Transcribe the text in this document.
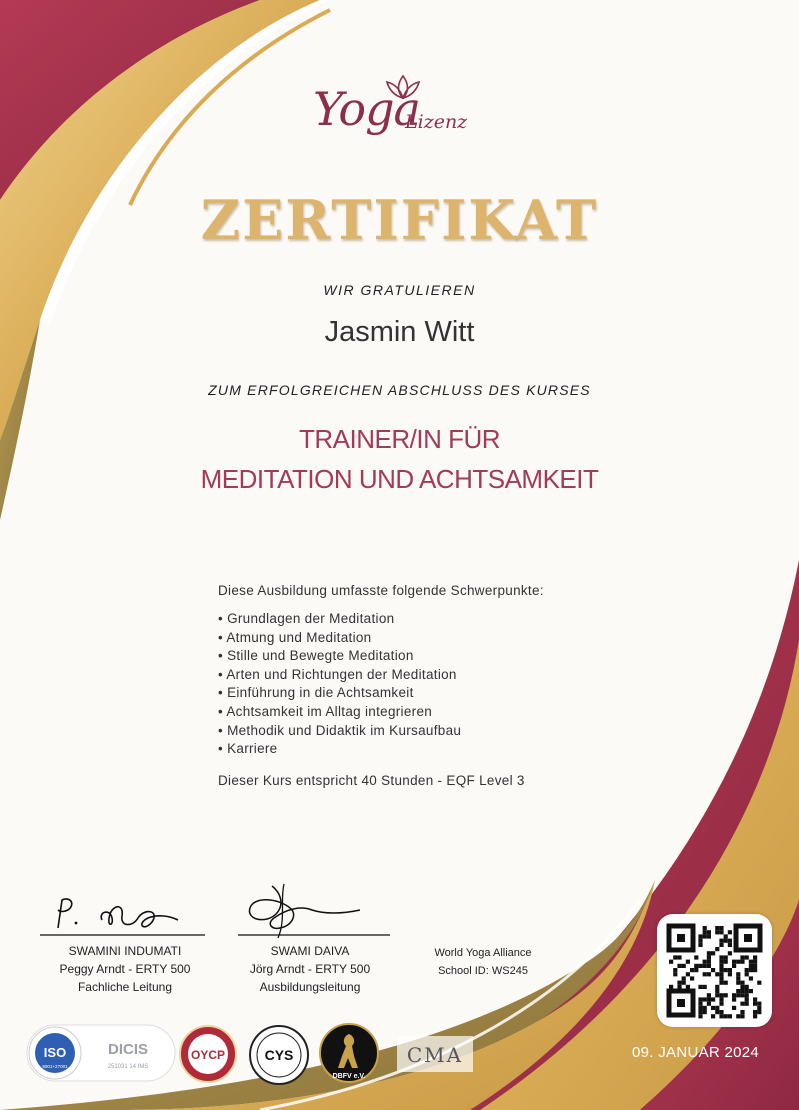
Yoga
Lizenz
ZERTIFIKAT
WIR GRATULIEREN
Jasmin Witt
ZUM ERFOLGREICHEN ABSCHLUSS DES KURSES
TRAINER/IN FÜR
MEDITATION UND ACHTSAMKEIT
Diese Ausbildung umfasste folgende Schwerpunkte:
• Grundlagen der Meditation
• Atmung und Meditation
• Stille und Bewegte Meditation
• Arten und Richtungen der Meditation
• Einführung in die Achtsamkeit
• Achtsamkeit im Alltag integrieren
• Methodik und Didaktik im Kursaufbau
• Karriere
Dieser Kurs entspricht 40 Stunden - EQF Level 3
SWAMINI INDUMATI
Peggy Arndt - ERTY 500
Fachliche Leitung
SWAMI DAIVA
Jörg Arndt - ERTY 500
Ausbildungsleitung
World Yoga Alliance
School ID: WS245
09. JANUAR 2024
ISO
9001+27001
DICIS
251031 14 IMS
OYCP	CYS
DBFV e.V.
CMA
